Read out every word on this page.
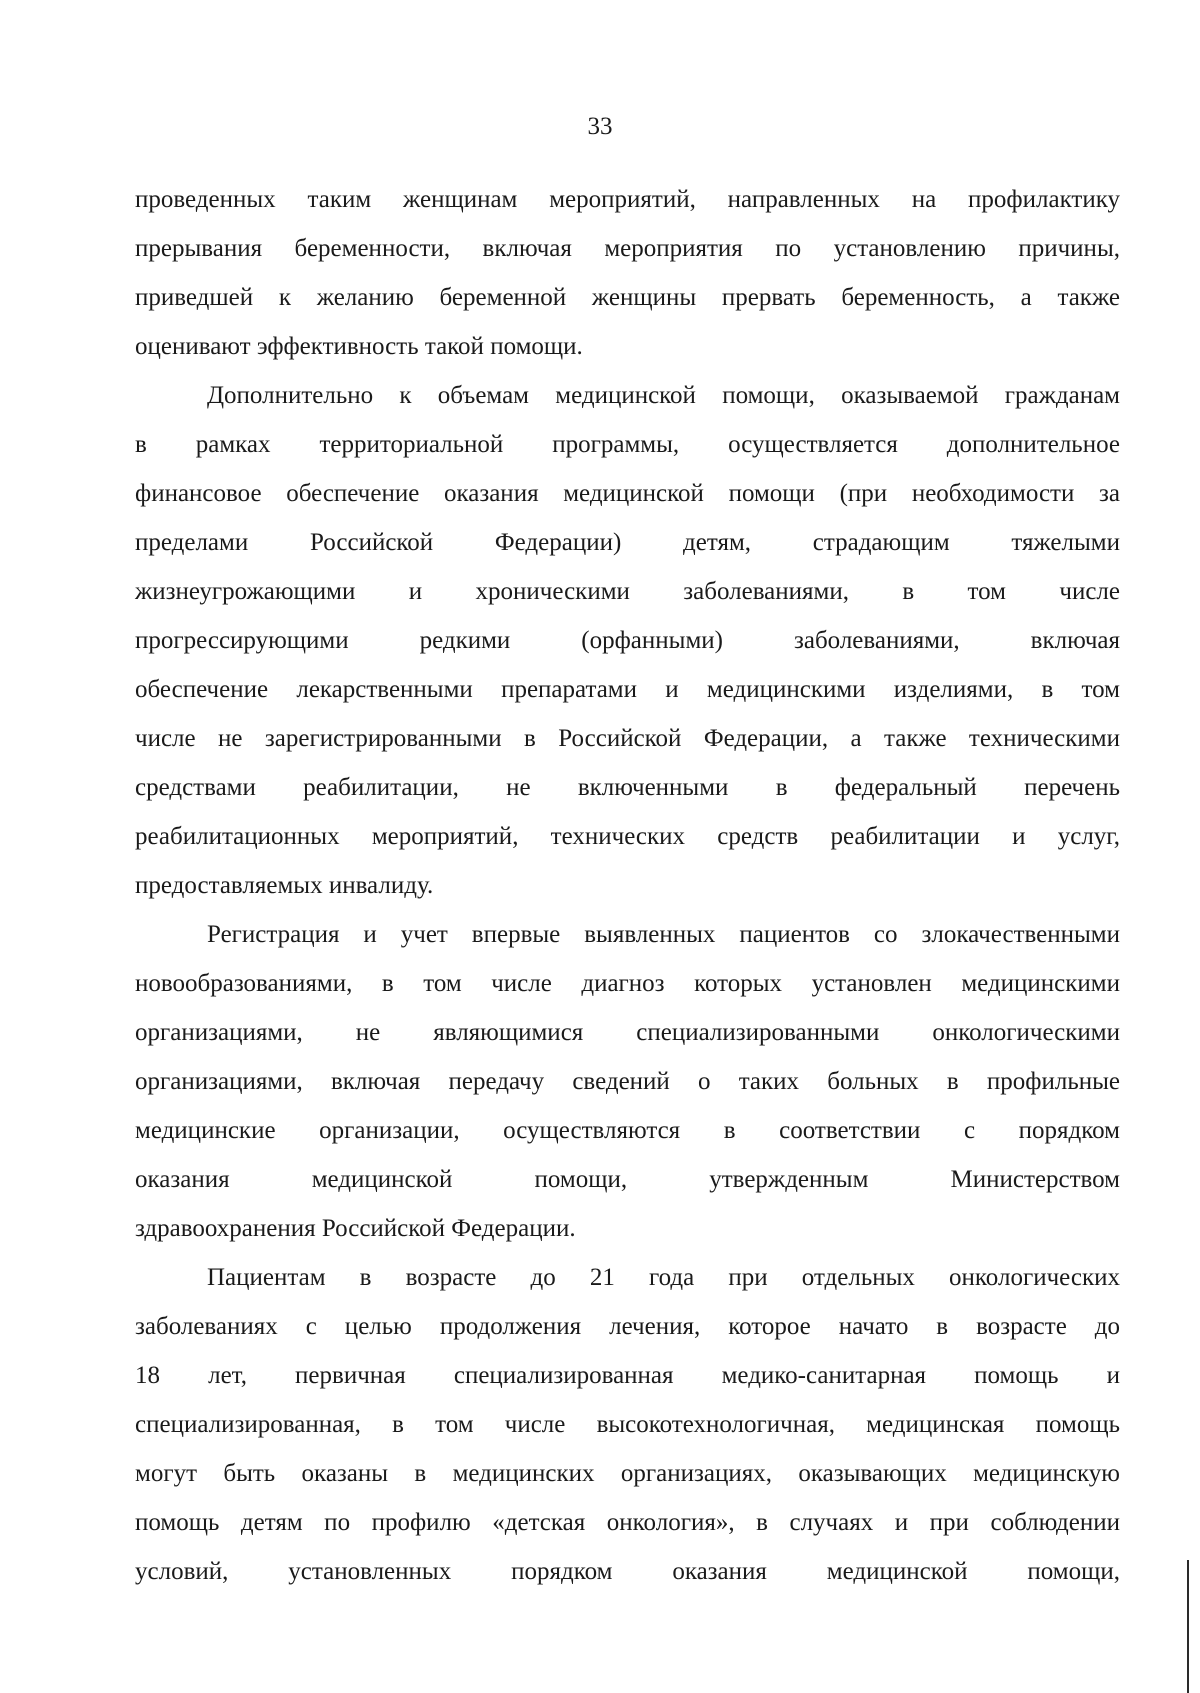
33
проведенных таким женщинам мероприятий, направленных на профилактику
прерывания беременности, включая мероприятия по установлению причины,
приведшей к желанию беременной женщины прервать беременность, а также
оценивают эффективность такой помощи.
Дополнительно к объемам медицинской помощи, оказываемой гражданам
в рамках территориальной программы, осуществляется дополнительное
финансовое обеспечение оказания медицинской помощи (при необходимости за
пределами Российской Федерации) детям, страдающим тяжелыми
жизнеугрожающими и хроническими заболеваниями, в том числе
прогрессирующими редкими (орфанными) заболеваниями, включая
обеспечение лекарственными препаратами и медицинскими изделиями, в том
числе не зарегистрированными в Российской Федерации, а также техническими
средствами реабилитации, не включенными в федеральный перечень
реабилитационных мероприятий, технических средств реабилитации и услуг,
предоставляемых инвалиду.
Регистрация и учет впервые выявленных пациентов со злокачественными
новообразованиями, в том числе диагноз которых установлен медицинскими
организациями, не являющимися специализированными онкологическими
организациями, включая передачу сведений о таких больных в профильные
медицинские организации, осуществляются в соответствии с порядком
оказания медицинской помощи, утвержденным Министерством
здравоохранения Российской Федерации.
Пациентам в возрасте до 21 года при отдельных онкологических
заболеваниях с целью продолжения лечения, которое начато в возрасте до
18 лет, первичная специализированная медико-санитарная помощь и
специализированная, в том числе высокотехнологичная, медицинская помощь
могут быть оказаны в медицинских организациях, оказывающих медицинскую
помощь детям по профилю «детская онкология», в случаях и при соблюдении
условий, установленных порядком оказания медицинской помощи,
